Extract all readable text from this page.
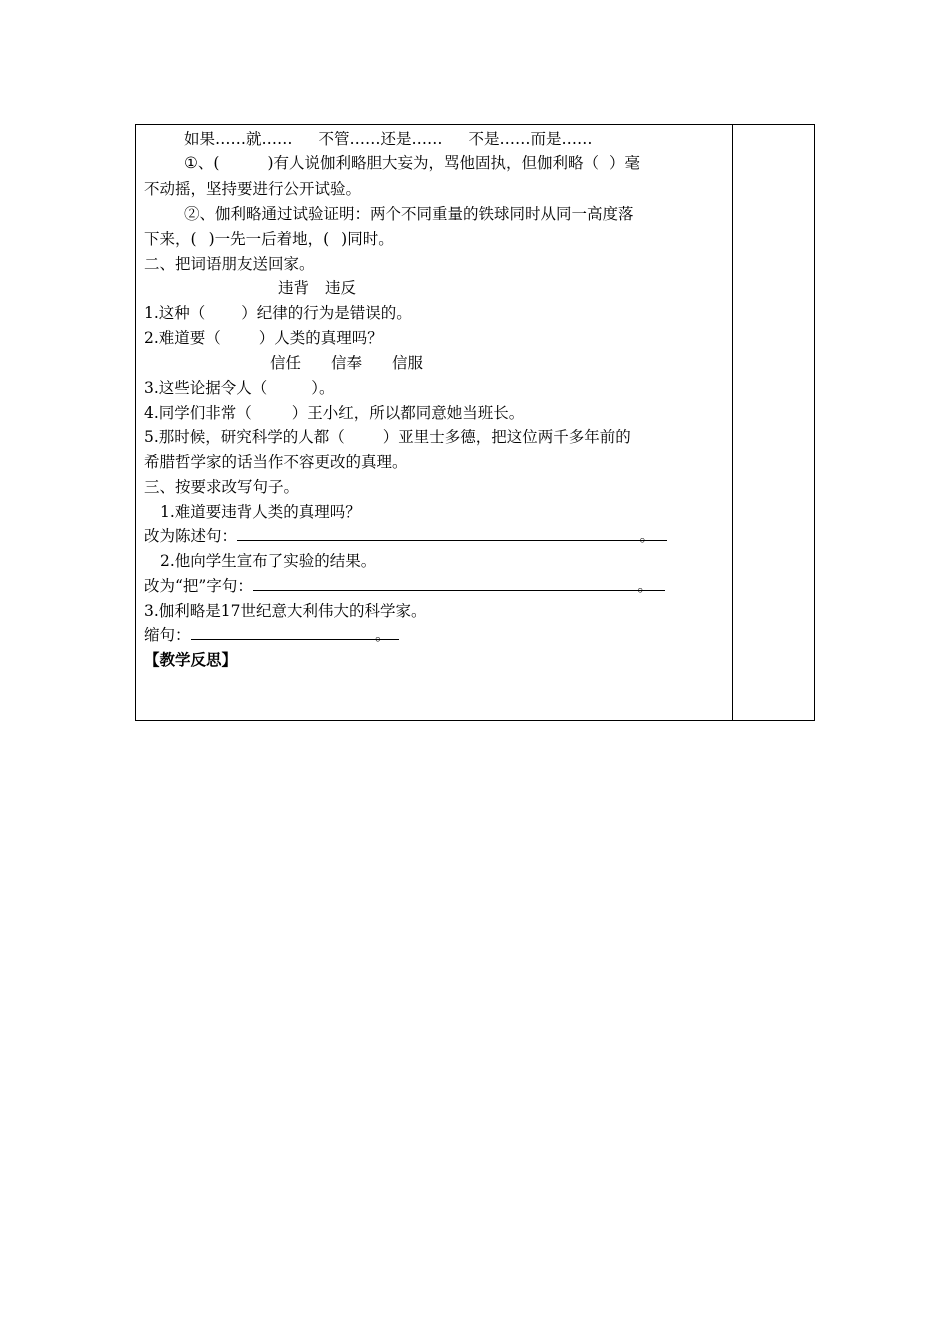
如果……就…… 不管……还是…… 不是……而是……
①、(	)有人说伽利略胆大妄为，骂他固执，但伽利略（ ）毫
不动摇，坚持要进行公开试验。
②、伽利略通过试验证明：两个不同重量的铁球同时从同一高度落
下来，( )一先一后着地，( )同时。
二、把词语朋友送回家。
违背 违反
1.这种（ ）纪律的行为是错误的。
2.难道要（ ）人类的真理吗？
信任 信奉 信服
3.这些论据令人（	）。
4.同学们非常（	）王小红，所以都同意她当班长。
5.那时候，研究科学的人都（ ）亚里士多德，把这位两千多年前的
希腊哲学家的话当作不容更改的真理。
三、按要求改写句子。
1.难道要违背人类的真理吗？
改为陈述句：	。
2.他向学生宣布了实验的结果。
改为“把”字句：	。
3.伽利略是17世纪意大利伟大的科学家。
缩句：	。
【教学反思】
